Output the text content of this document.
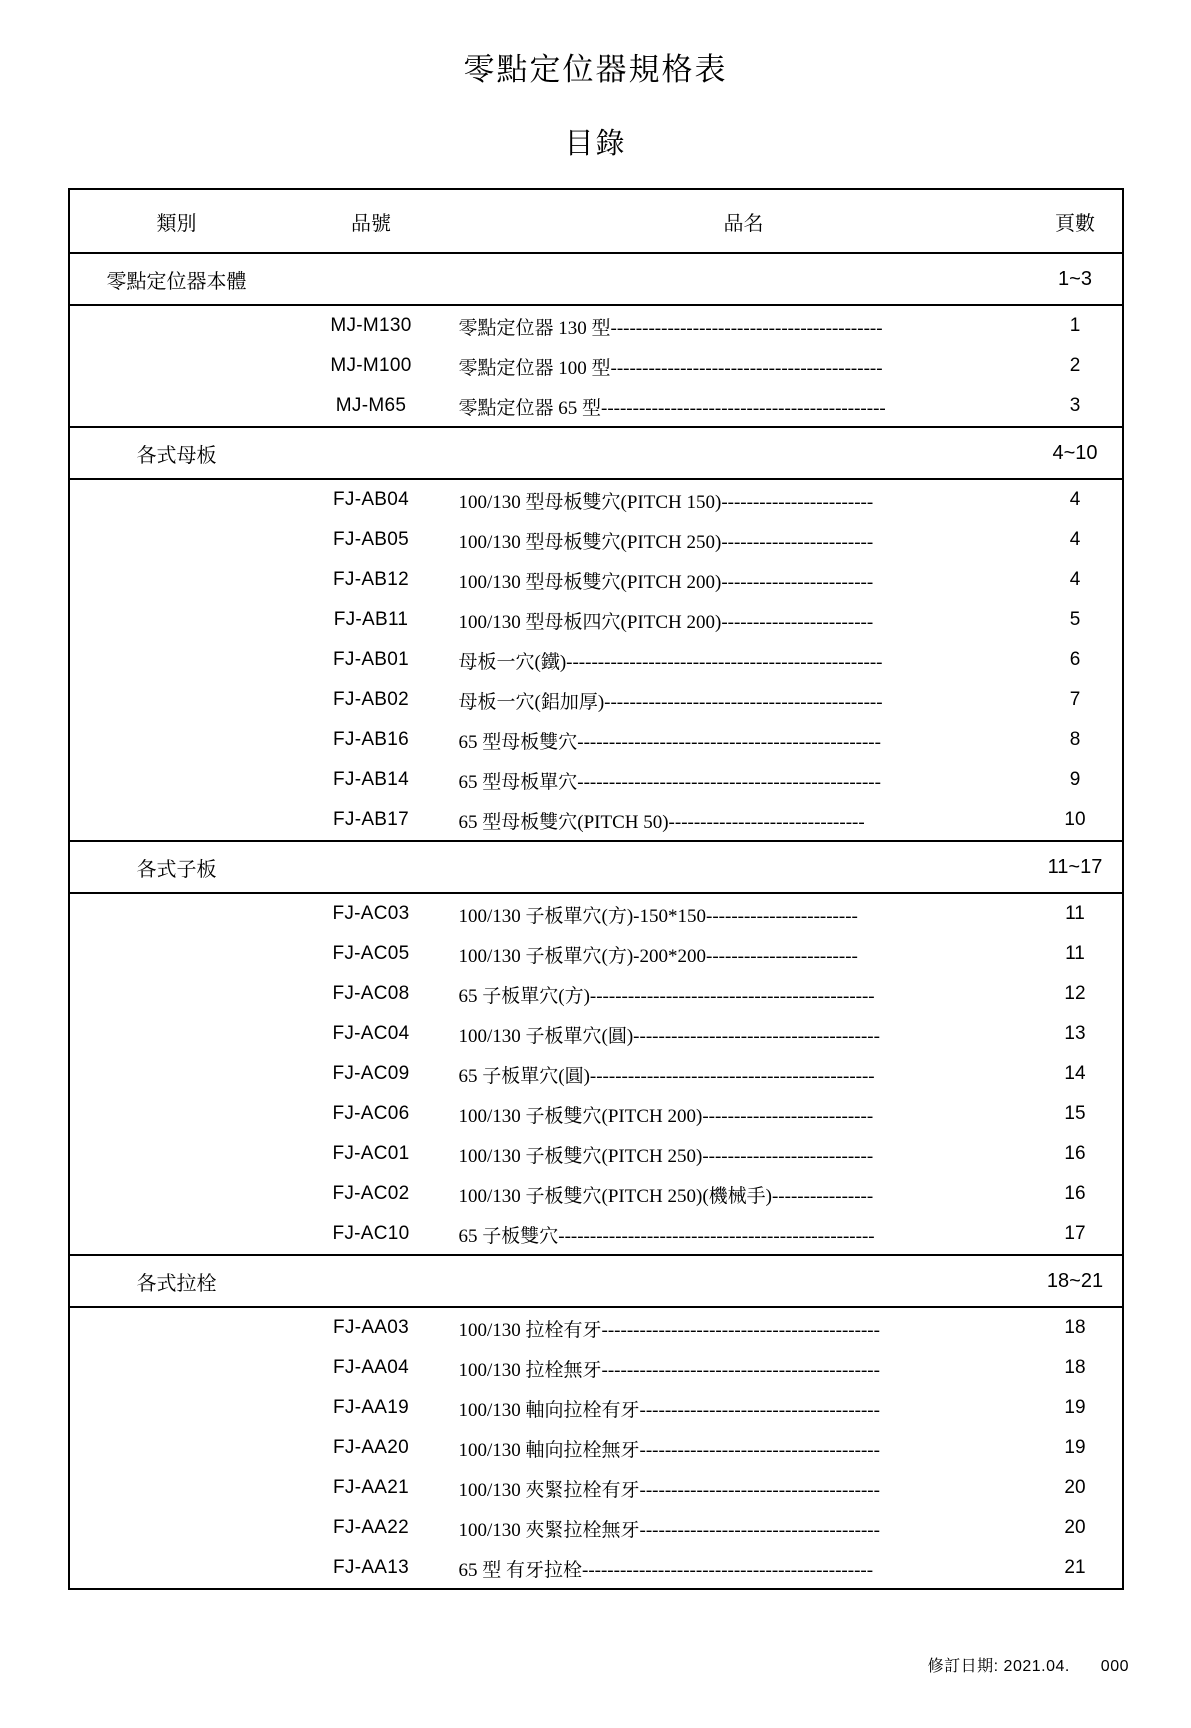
零點定位器規格表
目錄
類別	品號	品名	頁數
零點定位器本體			1~3
	MJ-M130	零點定位器 130 型-------------------------------------------	1
	MJ-M100	零點定位器 100 型-------------------------------------------	2
	MJ-M65	零點定位器 65 型---------------------------------------------	3
各式母板			4~10
	FJ-AB04	100/130 型母板雙穴(PITCH 150)------------------------	4
	FJ-AB05	100/130 型母板雙穴(PITCH 250)------------------------	4
	FJ-AB12	100/130 型母板雙穴(PITCH 200)------------------------	4
	FJ-AB11	100/130 型母板四穴(PITCH 200)------------------------	5
	FJ-AB01	母板一穴(鐵)--------------------------------------------------	6
	FJ-AB02	母板一穴(鋁加厚)--------------------------------------------	7
	FJ-AB16	65 型母板雙穴------------------------------------------------	8
	FJ-AB14	65 型母板單穴------------------------------------------------	9
	FJ-AB17	65 型母板雙穴(PITCH 50)-------------------------------	10
各式子板			11~17
	FJ-AC03	100/130 子板單穴(方)-150*150------------------------	11
	FJ-AC05	100/130 子板單穴(方)-200*200------------------------	11
	FJ-AC08	65 子板單穴(方)---------------------------------------------	12
	FJ-AC04	100/130 子板單穴(圓)---------------------------------------	13
	FJ-AC09	65 子板單穴(圓)---------------------------------------------	14
	FJ-AC06	100/130 子板雙穴(PITCH 200)---------------------------	15
	FJ-AC01	100/130 子板雙穴(PITCH 250)---------------------------	16
	FJ-AC02	100/130 子板雙穴(PITCH 250)(機械手)----------------	16
	FJ-AC10	65 子板雙穴--------------------------------------------------	17
各式拉栓			18~21
	FJ-AA03	100/130 拉栓有牙--------------------------------------------	18
	FJ-AA04	100/130 拉栓無牙--------------------------------------------	18
	FJ-AA19	100/130 軸向拉栓有牙--------------------------------------	19
	FJ-AA20	100/130 軸向拉栓無牙--------------------------------------	19
	FJ-AA21	100/130 夾緊拉栓有牙--------------------------------------	20
	FJ-AA22	100/130 夾緊拉栓無牙--------------------------------------	20
	FJ-AA13	65 型 有牙拉栓----------------------------------------------	21
修訂日期: 2021.04. 000
